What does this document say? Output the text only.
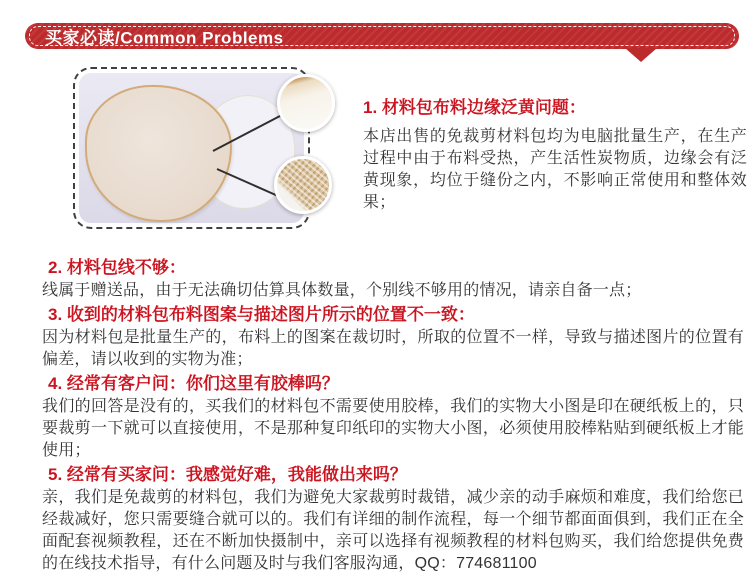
买家必读/Common Problems
1. 材料包布料边缘泛黄问题：

本店出售的免裁剪材料包均为电脑批量生产，在生产过程中由于布料受热，产生活性炭物质，边缘会有泛黄现象，均位于缝份之内，不影响正常使用和整体效果；

2. 材料包线不够：

线属于赠送品，由于无法确切估算具体数量，个别线不够用的情况，请亲自备一点；

3. 收到的材料包布料图案与描述图片所示的位置不一致：

因为材料包是批量生产的，布料上的图案在裁切时，所取的位置不一样，导致与描述图片的位置有偏差，请以收到的实物为准；

4. 经常有客户问：你们这里有胶棒吗？

我们的回答是没有的，买我们的材料包不需要使用胶棒，我们的实物大小图是印在硬纸板上的，只要裁剪一下就可以直接使用，不是那种复印纸印的实物大小图，必须使用胶棒粘贴到硬纸板上才能使用；

5. 经常有买家问：我感觉好难，我能做出来吗？

亲，我们是免裁剪的材料包，我们为避免大家裁剪时裁错，减少亲的动手麻烦和难度，我们给您已经裁减好，您只需要缝合就可以的。我们有详细的制作流程，每一个细节都面面俱到，我们正在全面配套视频教程，还在不断加快摄制中，亲可以选择有视频教程的材料包购买，我们给您提供免费的在线技术指导，有什么问题及时与我们客服沟通，QQ：774681100
